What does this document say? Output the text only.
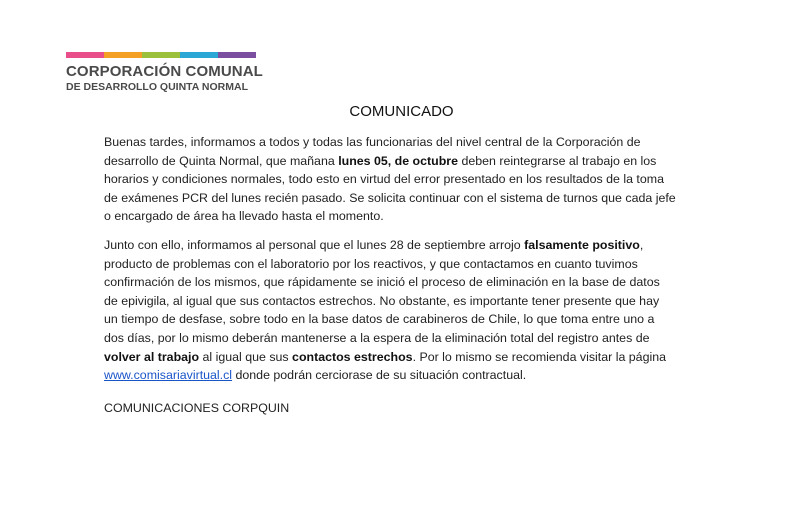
CORPORACIÓN COMUNAL
DE DESARROLLO QUINTA NORMAL
COMUNICADO

Buenas tardes, informamos a todos y todas las funcionarias del nivel central de la Corporación de desarrollo de Quinta Normal, que mañana lunes 05, de octubre deben reintegrarse al trabajo en los horarios y condiciones normales, todo esto en virtud del error presentado en los resultados de la toma de exámenes PCR del lunes recién pasado. Se solicita continuar con el sistema de turnos que cada jefe o encargado de área ha llevado hasta el momento.

Junto con ello, informamos al personal que el lunes 28 de septiembre arrojo falsamente positivo, producto de problemas con el laboratorio por los reactivos, y que contactamos en cuanto tuvimos confirmación de los mismos, que rápidamente se inició el proceso de eliminación en la base de datos de epivigila, al igual que sus contactos estrechos. No obstante, es importante tener presente que hay un tiempo de desfase, sobre todo en la base datos de carabineros de Chile, lo que toma entre uno a dos días, por lo mismo deberán mantenerse a la espera de la eliminación total del registro antes de volver al trabajo al igual que sus contactos estrechos. Por lo mismo se recomienda visitar la página www.comisariavirtual.cl donde podrán cerciorase de su situación contractual.

COMUNICACIONES CORPQUIN
